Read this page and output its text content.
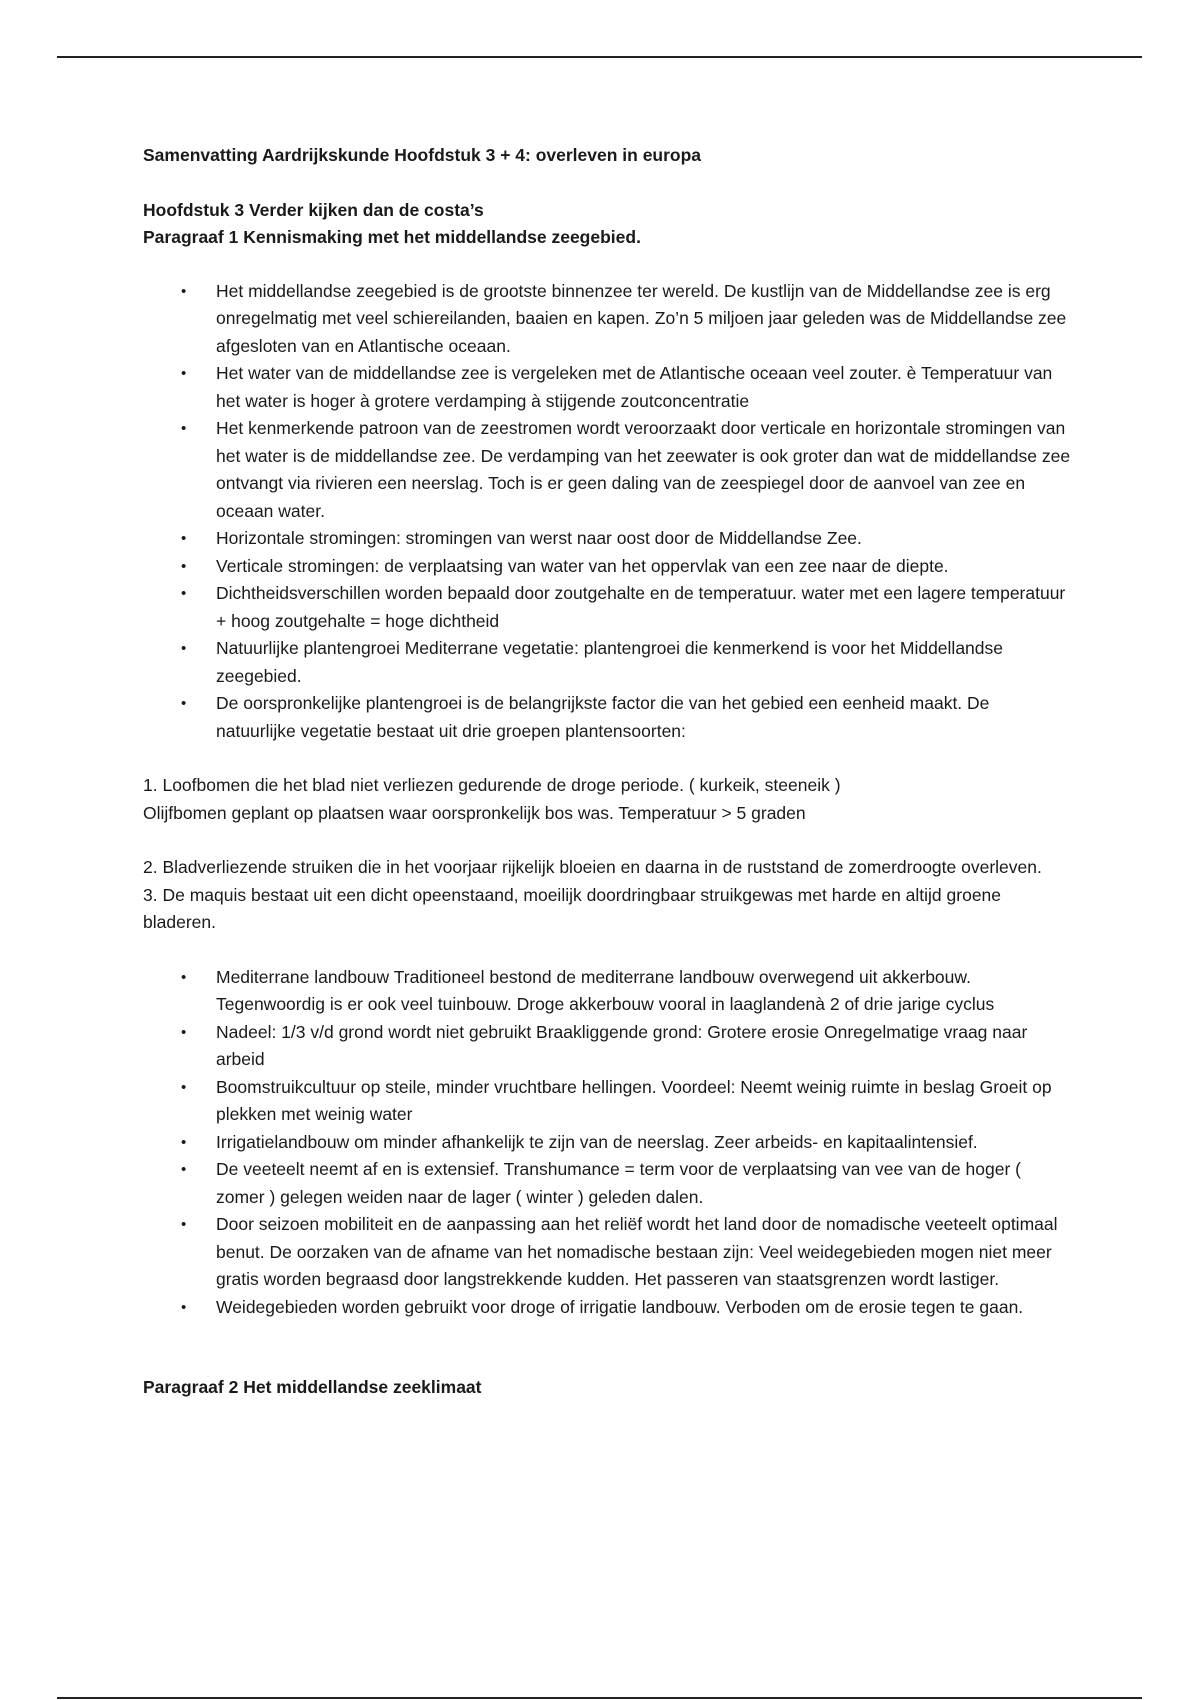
Samenvatting Aardrijkskunde Hoofdstuk 3 + 4: overleven in europa

Hoofdstuk 3 Verder kijken dan de costa’s

Paragraaf 1 Kennismaking met het middellandse zeegebied.

• Het middellandse zeegebied is de grootste binnenzee ter wereld. De kustlijn van de Middellandse zee is erg onregelmatig met veel schiereilanden, baaien en kapen. Zo’n 5 miljoen jaar geleden was de Middellandse zee afgesloten van en Atlantische oceaan.
• Het water van de middellandse zee is vergeleken met de Atlantische oceaan veel zouter. è Temperatuur van het water is hoger à grotere verdamping à stijgende zoutconcentratie
• Het kenmerkende patroon van de zeestromen wordt veroorzaakt door verticale en horizontale stromingen van het water is de middellandse zee. De verdamping van het zeewater is ook groter dan wat de middellandse zee ontvangt via rivieren een neerslag. Toch is er geen daling van de zeespiegel door de aanvoel van zee en oceaan water.
• Horizontale stromingen: stromingen van werst naar oost door de Middellandse Zee.
• Verticale stromingen: de verplaatsing van water van het oppervlak van een zee naar de diepte.
• Dichtheidsverschillen worden bepaald door zoutgehalte en de temperatuur. water met een lagere temperatuur + hoog zoutgehalte = hoge dichtheid
• Natuurlijke plantengroei Mediterrane vegetatie: plantengroei die kenmerkend is voor het Middellandse zeegebied.
• De oorspronkelijke plantengroei is de belangrijkste factor die van het gebied een eenheid maakt. De natuurlijke vegetatie bestaat uit drie groepen plantensoorten:

1. Loofbomen die het blad niet verliezen gedurende de droge periode. ( kurkeik, steeneik )

Olijfbomen geplant op plaatsen waar oorspronkelijk bos was. Temperatuur > 5 graden

2. Bladverliezende struiken die in het voorjaar rijkelijk bloeien en daarna in de ruststand de zomerdroogte overleven.

3. De maquis bestaat uit een dicht opeenstaand, moeilijk doordringbaar struikgewas met harde en altijd groene bladeren.

• Mediterrane landbouw Traditioneel bestond de mediterrane landbouw overwegend uit akkerbouw. Tegenwoordig is er ook veel tuinbouw. Droge akkerbouw vooral in laaglandenà 2 of drie jarige cyclus
• Nadeel: 1/3 v/d grond wordt niet gebruikt Braakliggende grond: Grotere erosie Onregelmatige vraag naar arbeid
• Boomstruikcultuur op steile, minder vruchtbare hellingen. Voordeel: Neemt weinig ruimte in beslag Groeit op plekken met weinig water
• Irrigatielandbouw om minder afhankelijk te zijn van de neerslag. Zeer arbeids- en kapitaalintensief.
• De veeteelt neemt af en is extensief. Transhumance = term voor de verplaatsing van vee van de hoger ( zomer ) gelegen weiden naar de lager ( winter ) geleden dalen.
• Door seizoen mobiliteit en de aanpassing aan het reliëf wordt het land door de nomadische veeteelt optimaal benut. De oorzaken van de afname van het nomadische bestaan zijn: Veel weidegebieden mogen niet meer gratis worden begraasd door langstrekkende kudden. Het passeren van staatsgrenzen wordt lastiger.
• Weidegebieden worden gebruikt voor droge of irrigatie landbouw. Verboden om de erosie tegen te gaan.

Paragraaf 2 Het middellandse zeeklimaat
